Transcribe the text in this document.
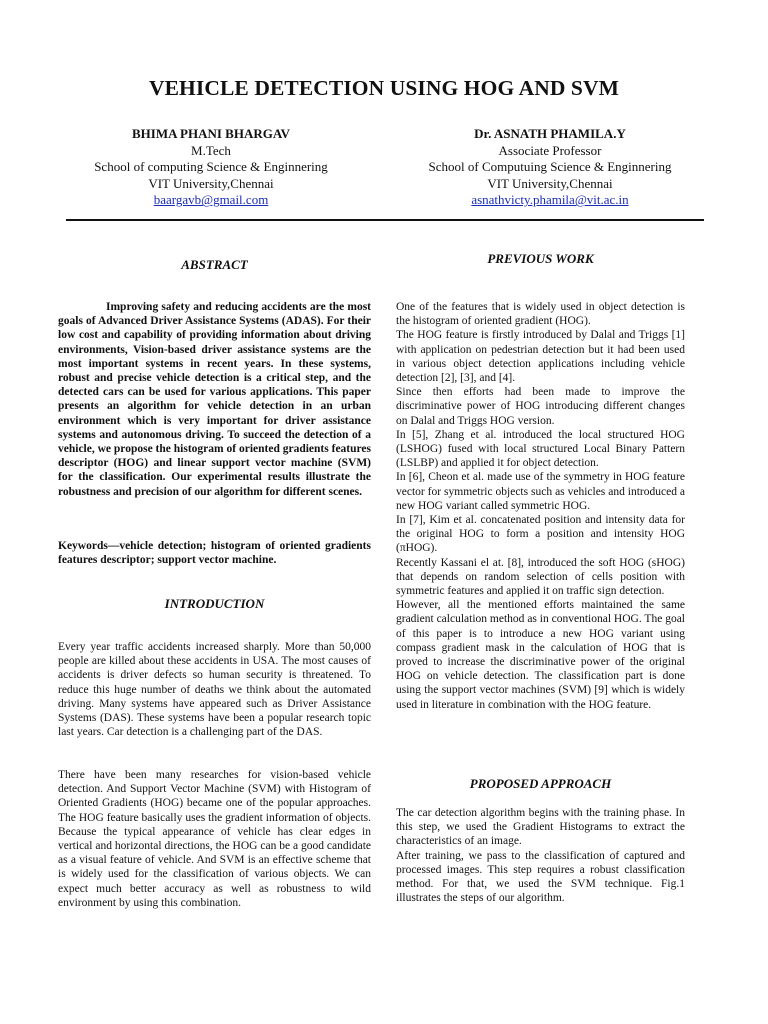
VEHICLE DETECTION USING HOG AND SVM
BHIMA PHANI BHARGAV
M.Tech
School of computing Science & Enginnering
VIT University,Chennai
baargavb@gmail.com
Dr. ASNATH PHAMILA.Y
Associate Professor
School of Computuing Science & Enginnering
VIT University,Chennai
asnathvicty.phamila@vit.ac.in
ABSTRACT

Improving safety and reducing accidents are the most goals of Advanced Driver Assistance Systems (ADAS). For their low cost and capability of providing information about driving environments, Vision-based driver assistance systems are the most important systems in recent years. In these systems, robust and precise vehicle detection is a critical step, and the detected cars can be used for various applications. This paper presents an algorithm for vehicle detection in an urban environment which is very important for driver assistance systems and autonomous driving. To succeed the detection of a vehicle, we propose the histogram of oriented gradients features descriptor (HOG) and linear support vector machine (SVM) for the classification. Our experimental results illustrate the robustness and precision of our algorithm for different scenes.

Keywords—vehicle detection; histogram of oriented gradients features descriptor; support vector machine.

INTRODUCTION

Every year traffic accidents increased sharply. More than 50,000 people are killed about these accidents in USA. The most causes of accidents is driver defects so human security is threatened. To reduce this huge number of deaths we think about the automated driving. Many systems have appeared such as Driver Assistance Systems (DAS). These systems have been a popular research topic last years. Car detection is a challenging part of the DAS.

There have been many researches for vision-based vehicle detection. And Support Vector Machine (SVM) with Histogram of Oriented Gradients (HOG) became one of the popular approaches. The HOG feature basically uses the gradient information of objects. Because the typical appearance of vehicle has clear edges in vertical and horizontal directions, the HOG can be a good candidate as a visual feature of vehicle. And SVM is an effective scheme that is widely used for the classification of various objects. We can expect much better accuracy as well as robustness to wild environment by using this combination.

PREVIOUS WORK
One of the features that is widely used in object detection is the histogram of oriented gradient (HOG).
The HOG feature is firstly introduced by Dalal and Triggs [1] with application on pedestrian detection but it had been used in various object detection applications including vehicle detection [2], [3], and [4].
Since then efforts had been made to improve the discriminative power of HOG introducing different changes on Dalal and Triggs HOG version.
In [5], Zhang et al. introduced the local structured HOG (LSHOG) fused with local structured Local Binary Pattern (LSLBP) and applied it for object detection.
In [6], Cheon et al. made use of the symmetry in HOG feature vector for symmetric objects such as vehicles and introduced a new HOG variant called symmetric HOG.
In [7], Kim et al. concatenated position and intensity data for the original HOG to form a position and intensity HOG (πHOG).
Recently Kassani el at. [8], introduced the soft HOG (sHOG) that depends on random selection of cells position with symmetric features and applied it on traffic sign detection.
However, all the mentioned efforts maintained the same gradient calculation method as in conventional HOG. The goal of this paper is to introduce a new HOG variant using compass gradient mask in the calculation of HOG that is proved to increase the discriminative power of the original HOG on vehicle detection. The classification part is done using the support vector machines (SVM) [9] which is widely used in literature in combination with the HOG feature.
PROPOSED APPROACH
The car detection algorithm begins with the training phase. In this step, we used the Gradient Histograms to extract the characteristics of an image.
After training, we pass to the classification of captured and processed images. This step requires a robust classification method. For that, we used the SVM technique. Fig.1 illustrates the steps of our algorithm.
